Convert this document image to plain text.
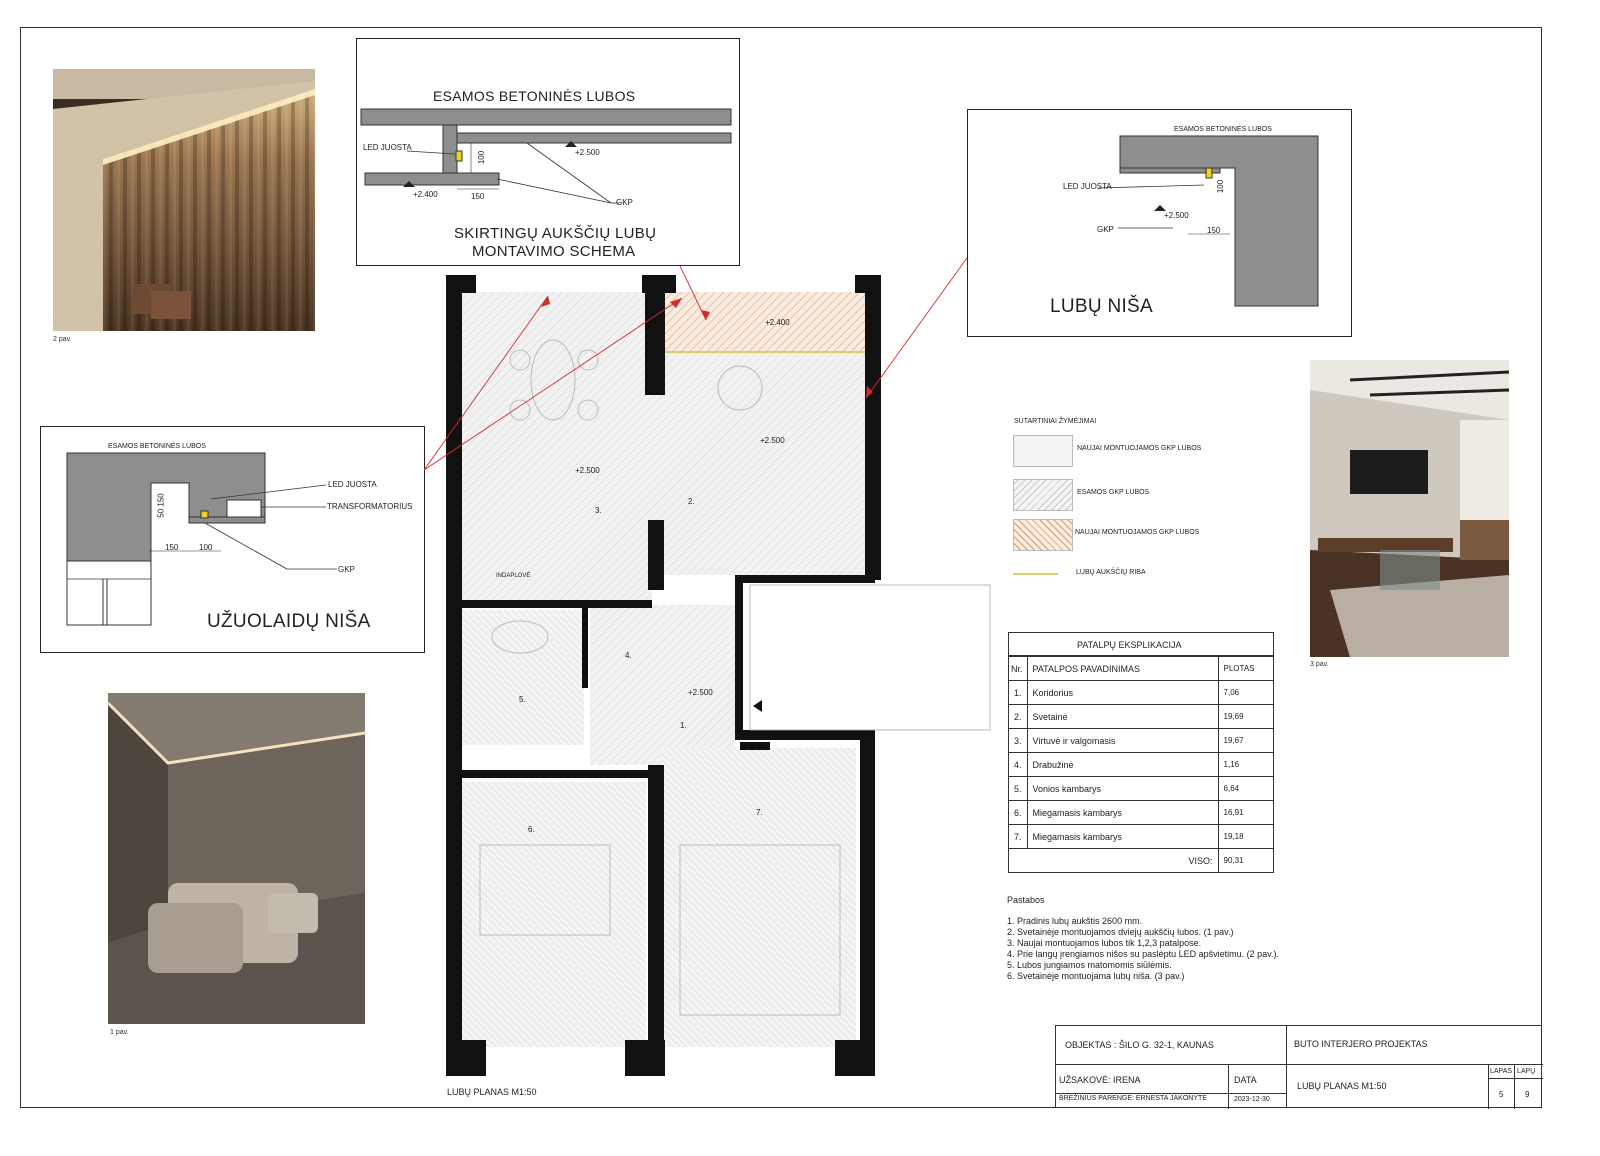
2 pav.
ESAMOS BETONINĖS LUBOS
LED JUOSTA
100	+2.500
+2.400	150
GKP
SKIRTINGŲ AUKŠČIŲ LUBŲ
MONTAVIMO SCHEMA
ESAMOS BETONINĖS LUBOS
LED JUOSTA	100
+2.500
GKP	150
LUBŲ NIŠA
3 pav.
ESAMOS BETONINĖS LUBOS
LED JUOSTA
TRANSFORMATORIUS
50 150
150	100
GKP
UŽUOLAIDŲ NIŠA
1 pav.
+2.400
+2.500
+2.500
+2.500
3.
2.
4.
5.
1.
6.
7.
INDAPLOVĖ
LUBŲ PLANAS M1:50
SUTARTINIAI ŽYMĖJIMAI
NAUJAI MONTUOJAMOS GKP LUBOS
ESAMOS GKP LUBOS
NAUJAI MONTUOJAMOS GKP LUBOS
LUBŲ AUKŠČIŲ RIBA
PATALPŲ EKSPLIKACIJA
Nr.	PATALPOS PAVADINIMAS	PLOTAS
1.	Koridorius	7,06
2.	Svetainė	19,69
3.	Virtuvė ir valgomasis	19,67
4.	Drabužinė	1,16
5.	Vonios kambarys	6,64
6.	Miegamasis kambarys	16,91
7.	Miegamasis kambarys	19,18
	VISO:	90,31
Pastabos
1. Pradinis lubų aukštis 2600 mm.
2. Svetainėje montuojamos dviejų aukščių lubos. (1 pav.)
3. Naujai montuojamos lubos tik 1,2,3 patalpose.
4. Prie langų įrengiamos nišos su paslėptu LED apšvietimu. (2 pav.).
5. Lubos jungiamos matomomis siūlėmis.
6. Svetainėje montuojama lubų niša. (3 pav.)
OBJEKTAS : ŠILO G. 32-1, KAUNAS	BUTO INTERJERO PROJEKTAS
UŽSAKOVĖ: IRENA	DATA
LUBŲ PLANAS M1:50
LAPAS LAPŲ
BRĖŽINIUS PARENGĖ: ERNESTA JAKONYTĖ	2023-12-30
5	9
